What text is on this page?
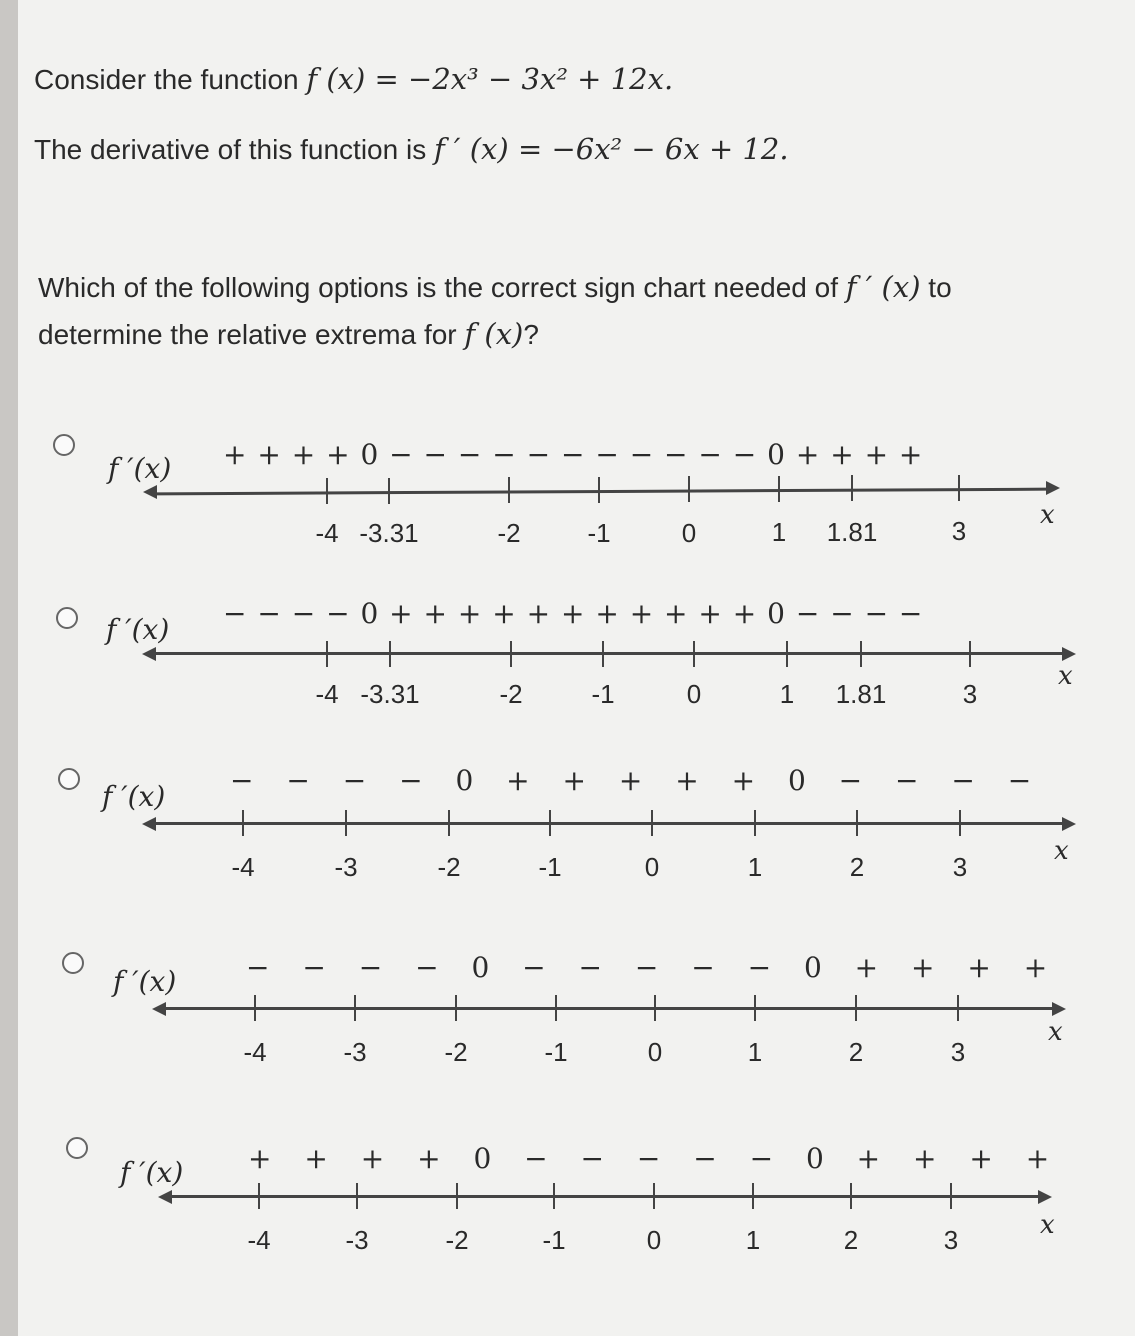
Consider the function f (x) = −2x³ − 3x² + 12x.
The derivative of this function is f ′ (x) = −6x² − 6x + 12.
Which of the following options is the correct sign chart needed of f ′ (x) to determine the relative extrema for f (x)?
f ′(x) + + + + 0 − − − − − − − − − − − 0 + + + +
-4 -3.31	-2	-1	0	1 1.81	3
x
f ′(x) − − − − 0 + + + + + + + + + + + 0 − − − −
-4 -3.31	-2	-1	0	1 1.81	3
x
f ′(x) − − − − 0 + + + + + 0 − − − −
-4	-3	-2	-1	0	1	2	3
x
f ′(x) − − − − 0 − − − − − 0 + + + +
-4	-3	-2	-1	0	1	2	3
x
f ′(x) + + + + 0 − − − − − 0 + + + +
-4	-3	-2	-1	0	1	2	3	x
